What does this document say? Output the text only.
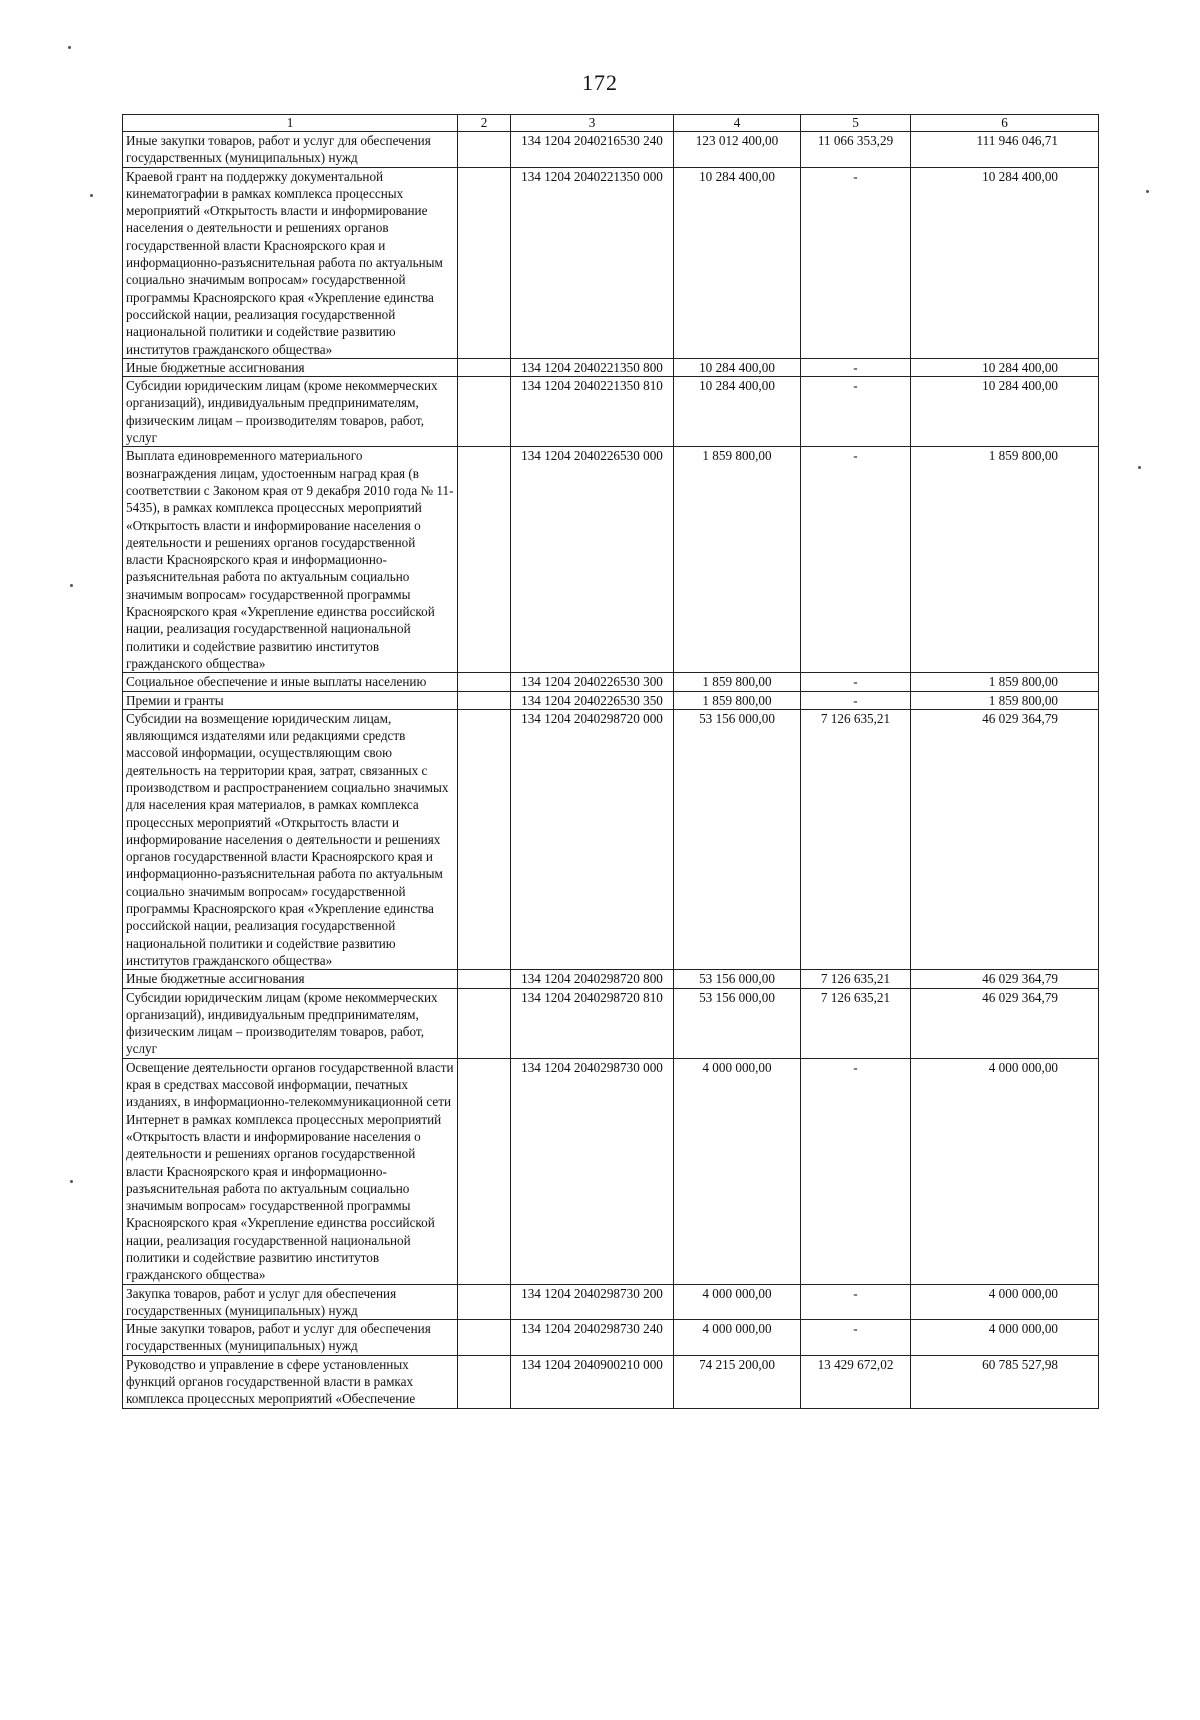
172
1	2	3	4	5	6
Иные закупки товаров, работ и услуг для обеспечения государственных (муниципальных) нужд		134 1204 2040216530 240	123 012 400,00	11 066 353,29	111 946 046,71
Краевой грант на поддержку документальной кинематографии в рамках комплекса процессных мероприятий «Открытость власти и информирование населения о деятельности и решениях органов государственной власти Красноярского края и информационно-разъяснительная работа по актуальным социально значимым вопросам» государственной программы Красноярского края «Укрепление единства российской нации, реализация государственной национальной политики и содействие развитию институтов гражданского общества»		134 1204 2040221350 000	10 284 400,00	-	10 284 400,00
Иные бюджетные ассигнования		134 1204 2040221350 800	10 284 400,00	-	10 284 400,00
Субсидии юридическим лицам (кроме некоммерческих организаций), индивидуальным предпринимателям, физическим лицам – производителям товаров, работ, услуг		134 1204 2040221350 810	10 284 400,00	-	10 284 400,00
Выплата единовременного материального вознаграждения лицам, удостоенным наград края (в соответствии с Законом края от 9 декабря 2010 года № 11-5435), в рамках комплекса процессных мероприятий «Открытость власти и информирование населения о деятельности и решениях органов государственной власти Красноярского края и информационно-разъяснительная работа по актуальным социально значимым вопросам» государственной программы Красноярского края «Укрепление единства российской нации, реализация государственной национальной политики и содействие развитию институтов гражданского общества»		134 1204 2040226530 000	1 859 800,00	-	1 859 800,00
Социальное обеспечение и иные выплаты населению		134 1204 2040226530 300	1 859 800,00	-	1 859 800,00
Премии и гранты		134 1204 2040226530 350	1 859 800,00	-	1 859 800,00
Субсидии на возмещение юридическим лицам, являющимся издателями или редакциями средств массовой информации, осуществляющим свою деятельность на территории края, затрат, связанных с производством и распространением социально значимых для населения края материалов, в рамках комплекса процессных мероприятий «Открытость власти и информирование населения о деятельности и решениях органов государственной власти Красноярского края и информационно-разъяснительная работа по актуальным социально значимым вопросам» государственной программы Красноярского края «Укрепление единства российской нации, реализация государственной национальной политики и содействие развитию институтов гражданского общества»		134 1204 2040298720 000	53 156 000,00	7 126 635,21	46 029 364,79
Иные бюджетные ассигнования		134 1204 2040298720 800	53 156 000,00	7 126 635,21	46 029 364,79
Субсидии юридическим лицам (кроме некоммерческих организаций), индивидуальным предпринимателям, физическим лицам – производителям товаров, работ, услуг		134 1204 2040298720 810	53 156 000,00	7 126 635,21	46 029 364,79
Освещение деятельности органов государственной власти края в средствах массовой информации, печатных изданиях, в информационно-телекоммуникационной сети Интернет в рамках комплекса процессных мероприятий «Открытость власти и информирование населения о деятельности и решениях органов государственной власти Красноярского края и информационно-разъяснительная работа по актуальным социально значимым вопросам» государственной программы Красноярского края «Укрепление единства российской нации, реализация государственной национальной политики и содействие развитию институтов гражданского общества»		134 1204 2040298730 000	4 000 000,00	-	4 000 000,00
Закупка товаров, работ и услуг для обеспечения государственных (муниципальных) нужд		134 1204 2040298730 200	4 000 000,00	-	4 000 000,00
Иные закупки товаров, работ и услуг для обеспечения государственных (муниципальных) нужд		134 1204 2040298730 240	4 000 000,00	-	4 000 000,00
Руководство и управление в сфере установленных функций органов государственной власти в рамках комплекса процессных мероприятий «Обеспечение		134 1204 2040900210 000	74 215 200,00	13 429 672,02	60 785 527,98
